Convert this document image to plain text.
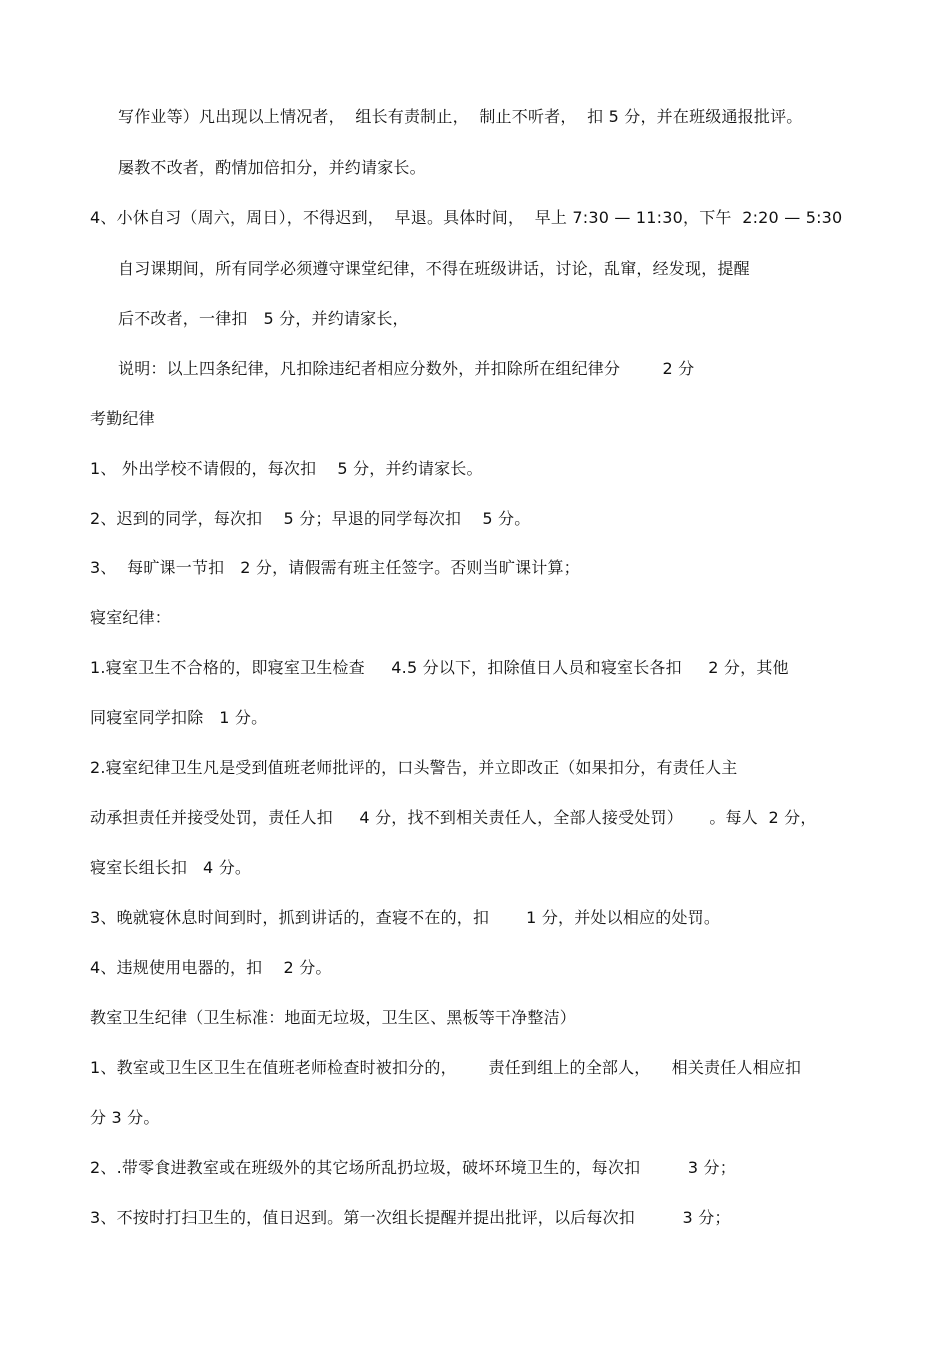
写作业等）凡出现以上情况者，  组长有责制止，  制止不听者，  扣 5 分，并在班级通报批评。
屡教不改者，酌情加倍扣分，并约请家长。
4、小休自习（周六，周日），不得迟到，  早退。具体时间，  早上 7:30 — 11:30，下午  2:20 — 5:30
自习课期间，所有同学必须遵守课堂纪律，不得在班级讲话，讨论，乱窜，经发现，提醒
后不改者，一律扣   5 分，并约请家长，
说明：以上四条纪律，凡扣除违纪者相应分数外，并扣除所在组纪律分        2 分
考勤纪律
1、 外出学校不请假的，每次扣    5 分，并约请家长。
2、迟到的同学，每次扣    5 分；早退的同学每次扣    5 分。
3、  每旷课一节扣   2 分，请假需有班主任签字。否则当旷课计算；
寝室纪律：
1.寝室卫生不合格的，即寝室卫生检查     4.5 分以下，扣除值日人员和寝室长各扣     2 分，其他
同寝室同学扣除   1 分。
2.寝室纪律卫生凡是受到值班老师批评的，口头警告，并立即改正（如果扣分，有责任人主
动承担责任并接受处罚，责任人扣     4 分，找不到相关责任人，全部人接受处罚）     。每人  2 分，
寝室长组长扣   4 分。
3、晚就寝休息时间到时，抓到讲话的，查寝不在的，扣       1 分，并处以相应的处罚。
4、违规使用电器的，扣    2 分。
教室卫生纪律（卫生标准：地面无垃圾，卫生区、黑板等干净整洁）
1、教室或卫生区卫生在值班老师检查时被扣分的，      责任到组上的全部人，    相关责任人相应扣
分 3 分。
2、.带零食进教室或在班级外的其它场所乱扔垃圾，破坏环境卫生的，每次扣         3 分；
3、不按时打扫卫生的，值日迟到。第一次组长提醒并提出批评，以后每次扣         3 分；
